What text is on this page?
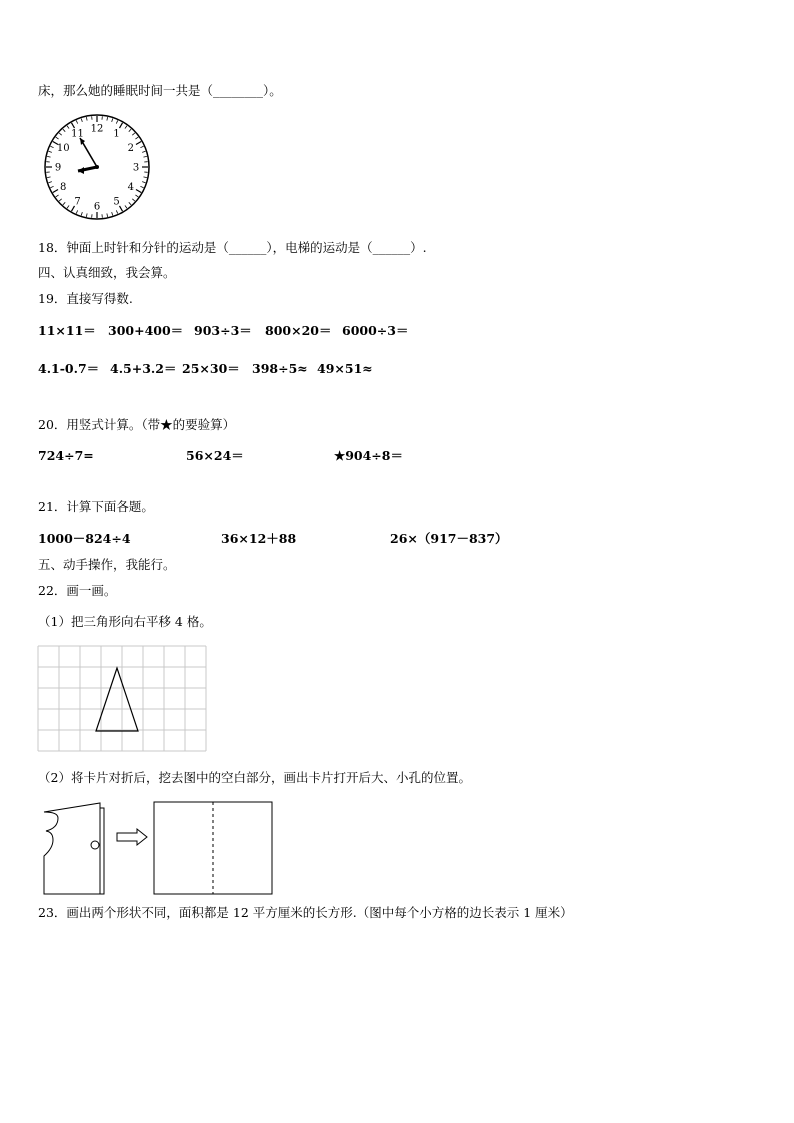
床，那么她的睡眠时间一共是（________）。
12 1
2
3
4
5
6
7
8
9
10
11
18．钟面上时针和分针的运动是（______），电梯的运动是（______）.
四、认真细致，我会算。
19．直接写得数.
11×11＝ 300+400＝ 903÷3＝ 800×20＝ 6000÷3＝
4.1-0.7＝ 4.5+3.2＝ 25×30＝ 398÷5≈ 49×51≈
20．用竖式计算。（带★的要验算）
724÷7=	56×24＝	★904÷8＝
21．计算下面各题。
1000－824÷4	36×12＋88	26×（917－837）
五、动手操作，我能行。
22．画一画。
（1）把三角形向右平移 4 格。
（2）将卡片对折后，挖去图中的空白部分，画出卡片打开后大、小孔的位置。
23．画出两个形状不同，面积都是 12 平方厘米的长方形.（图中每个小方格的边长表示 1 厘米）
